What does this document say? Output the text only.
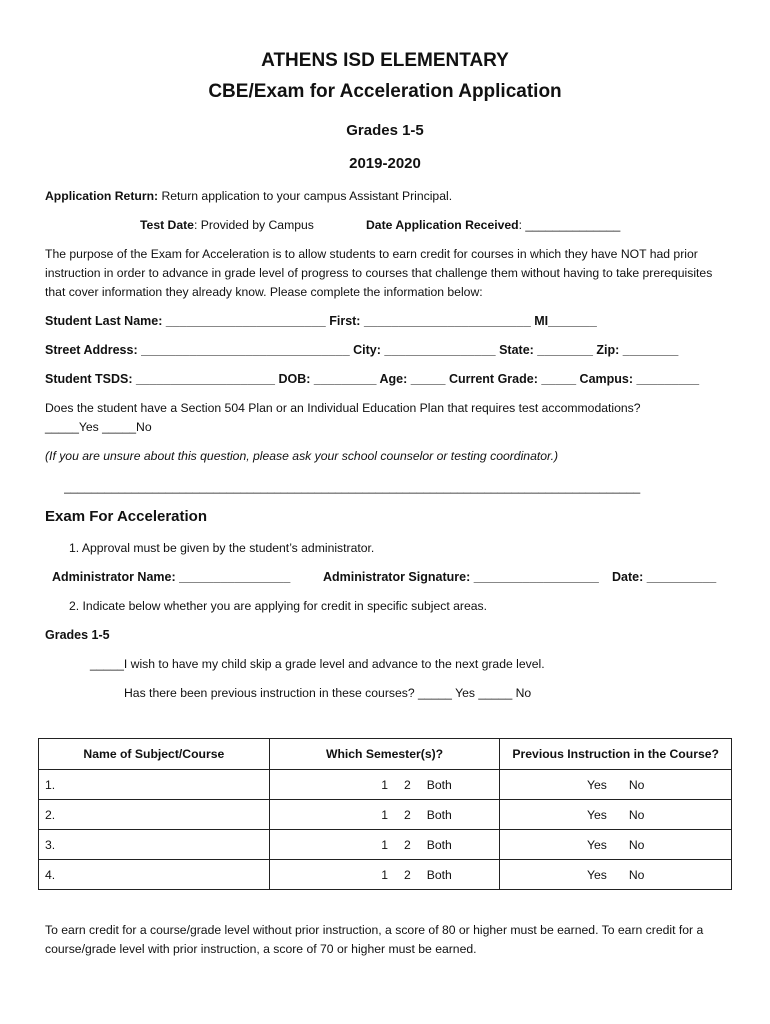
ATHENS ISD ELEMENTARY
CBE/Exam for Acceleration Application
Grades 1-5
2019-2020
Application Return: Return application to your campus Assistant Principal.
Test Date: Provided by Campus	Date Application Received: ______________
The purpose of the Exam for Acceleration is to allow students to earn credit for courses in which they have NOT had prior instruction in order to advance in grade level of progress to courses that challenge them without having to take prerequisites that cover information they already know. Please complete the information below:
Student Last Name: _______________________ First: ________________________ MI_______
Street Address: ______________________________ City: ________________ State: ________ Zip: ________
Student TSDS: ____________________ DOB: _________ Age: _____ Current Grade: _____ Campus: _________
Does the student have a Section 504 Plan or an Individual Education Plan that requires test accommodations?
_____Yes _____No
(If you are unsure about this question, please ask your school counselor or testing coordinator.)
_____________________________________________________________________________________
Exam For Acceleration
1. Approval must be given by the student’s administrator.
Administrator Name: ________________	Administrator Signature: __________________ Date: __________
2. Indicate below whether you are applying for credit in specific subject areas.
Grades 1-5
_____I wish to have my child skip a grade level and advance to the next grade level.
Has there been previous instruction in these courses? _____ Yes _____ No
Name of Subject/Course	Which Semester(s)?	Previous Instruction in the Course?
1.	1 2 Both	Yes No
2.	1 2 Both	Yes No
3.	1 2 Both	Yes No
4.	1 2 Both	Yes No
To earn credit for a course/grade level without prior instruction, a score of 80 or higher must be earned. To earn credit for a course/grade level with prior instruction, a score of 70 or higher must be earned.
